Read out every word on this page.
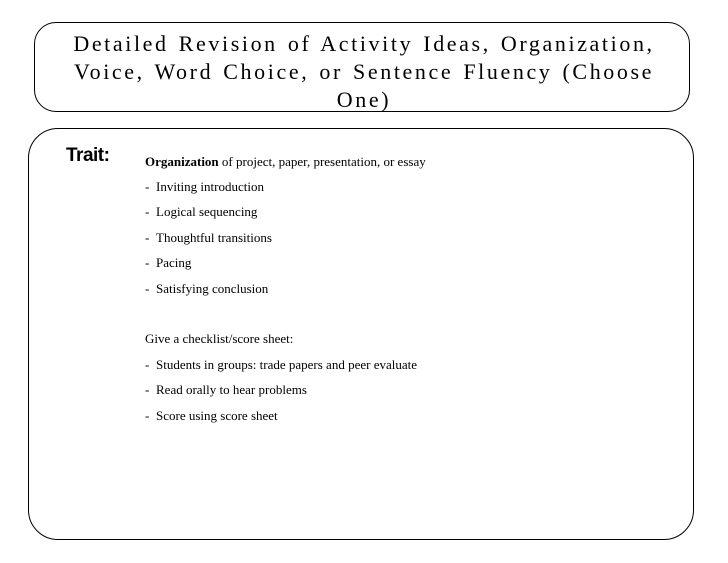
Detailed Revision of Activity Ideas, Organization,
Voice, Word Choice, or Sentence Fluency (Choose
One)
Trait:	Organization of project, paper, presentation, or essay
- Inviting introduction
- Logical sequencing
- Thoughtful transitions
- Pacing
- Satisfying conclusion
Give a checklist/score sheet:
- Students in groups: trade papers and peer evaluate
- Read orally to hear problems
- Score using score sheet
